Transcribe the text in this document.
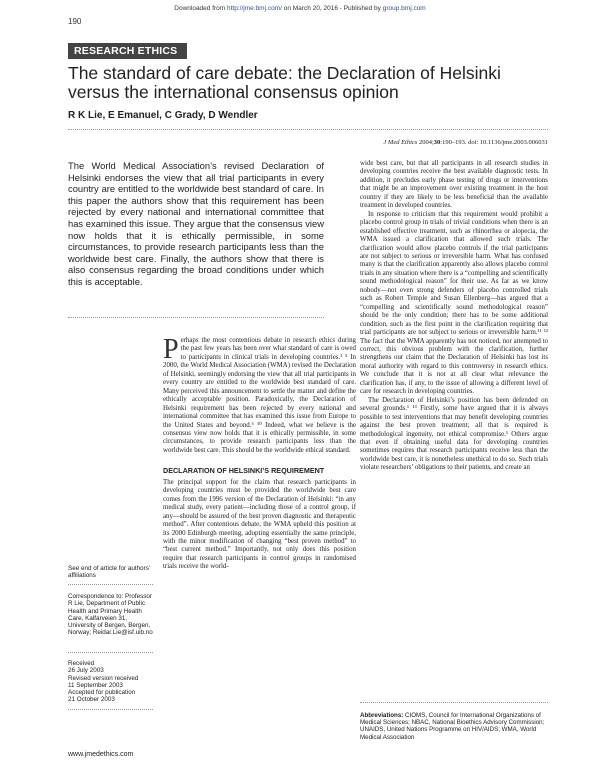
Downloaded from http://jme.bmj.com/ on March 20, 2016 - Published by group.bmj.com
190
RESEARCH ETHICS
The standard of care debate: the Declaration of Helsinki versus the international consensus opinion
R K Lie, E Emanuel, C Grady, D Wendler
J Med Ethics 2004;30:190–193. doi: 10.1136/jme.2003.006031
The World Medical Association’s revised Declaration of Helsinki endorses the view that all trial participants in every country are entitled to the worldwide best standard of care. In this paper the authors show that this requirement has been rejected by every national and international committee that has examined this issue. They argue that the consensus view now holds that it is ethically permissible, in some circumstances, to provide research participants less than the worldwide best care. Finally, the authors show that there is also consensus regarding the broad conditions under which this is acceptable.

Perhaps the most contentious debate in research ethics during the past few years has been over what standard of care is owed to participants in clinical trials in developing countries.¹ ⁵ In 2000, the World Medical Association (WMA) revised the Declaration of Helsinki, seemingly endorsing the view that all trial participants in every country are entitled to the worldwide best standard of care. Many perceived this announcement to settle the matter and define the ethically acceptable position. Paradoxically, the Declaration of Helsinki requirement has been rejected by every national and international committee that has examined this issue from Europe to the United States and beyond.⁶ ¹⁰ Indeed, what we believe is the consensus view now holds that it is ethically permissible, in some circumstances, to provide research participants less than the worldwide best care. This should be the worldwide ethical standard.

DECLARATION OF HELSINKI’S REQUIREMENT

The principal support for the claim that research participants in developing countries must be provided the worldwide best care comes from the 1996 version of the Declaration of Helsinki: “in any medical study, every patient—including those of a control group, if any—should be assured of the best proven diagnostic and therapeutic method”. After contentious debate, the WMA upheld this position at its 2000 Edinburgh meeting, adopting essentially the same principle, with the minor modification of changing “best proven method” to “best current method.” Importantly, not only does this position require that research participants in control groups in randomised trials receive the world-

wide best care, but that all participants in all research studies in developing countries receive the best available diagnostic tests. In addition, it precludes early phase testing of drugs or interventions that might be an improvement over existing treatment in the host country if they are likely to be less beneficial than the available treatment in developed countries.

In response to criticism that this requirement would prohibit a placebo control group in trials of trivial conditions when there is an established effective treatment, such as rhinorrhea or alopecia, the WMA issued a clarification that allowed such trials. The clarification would allow placebo controls if the trial participants are not subject to serious or irreversible harm. What has confused many is that the clarification apparently also allows placebo control trials in any situation where there is a “compelling and scientifically sound methodological reason” for their use. As far as we know nobody—not even strong defenders of placebo controlled trials such as Robert Temple and Susan Ellenberg—has argued that a “compelling and scientifically sound methodological reason” should be the only condition; there has to be some additional condition, such as the first point in the clarification requiring that trial participants are not subject to serious or irreversible harm.¹¹ ¹² The fact that the WMA apparently has not noticed, nor attempted to correct, this obvious problem with the clarification, further strengthens our claim that the Declaration of Helsinki has lost its moral authority with regard to this controversy in research ethics. We conclude that it is not at all clear what relevance the clarification has, if any, to the issue of allowing a different level of care for research in developing countries.

The Declaration of Helsinki’s position has been defended on several grounds.¹ ¹³ Firstly, some have argued that it is always possible to test interventions that may benefit developing countries against the best proven treatment; all that is required is methodological ingenuity, not ethical compromise.¹ Others argue that even if obtaining useful data for developing countries sometimes requires that research participants receive less than the worldwide best care, it is nonetheless unethical to do so. Such trials violate researchers’ obligations to their patients, and create an

See end of article for authors’ affiliations
Correspondence to: Professor R Lie, Department of Public Health and Primary Health Care, Kalfarveien 31, University of Bergen, Bergen, Norway; Reidar.Lie@isf.uib.no
Received
26 July 2003
Revised version received
11 September 2003
Accepted for publication
21 October 2003
Abbreviations: CIOMS, Council for International Organizations of Medical Sciences; NBAC, National Bioethics Advisory Commission; UNAIDS, United Nations Programme on HIV/AIDS; WMA, World Medical Association
www.jmedethics.com
